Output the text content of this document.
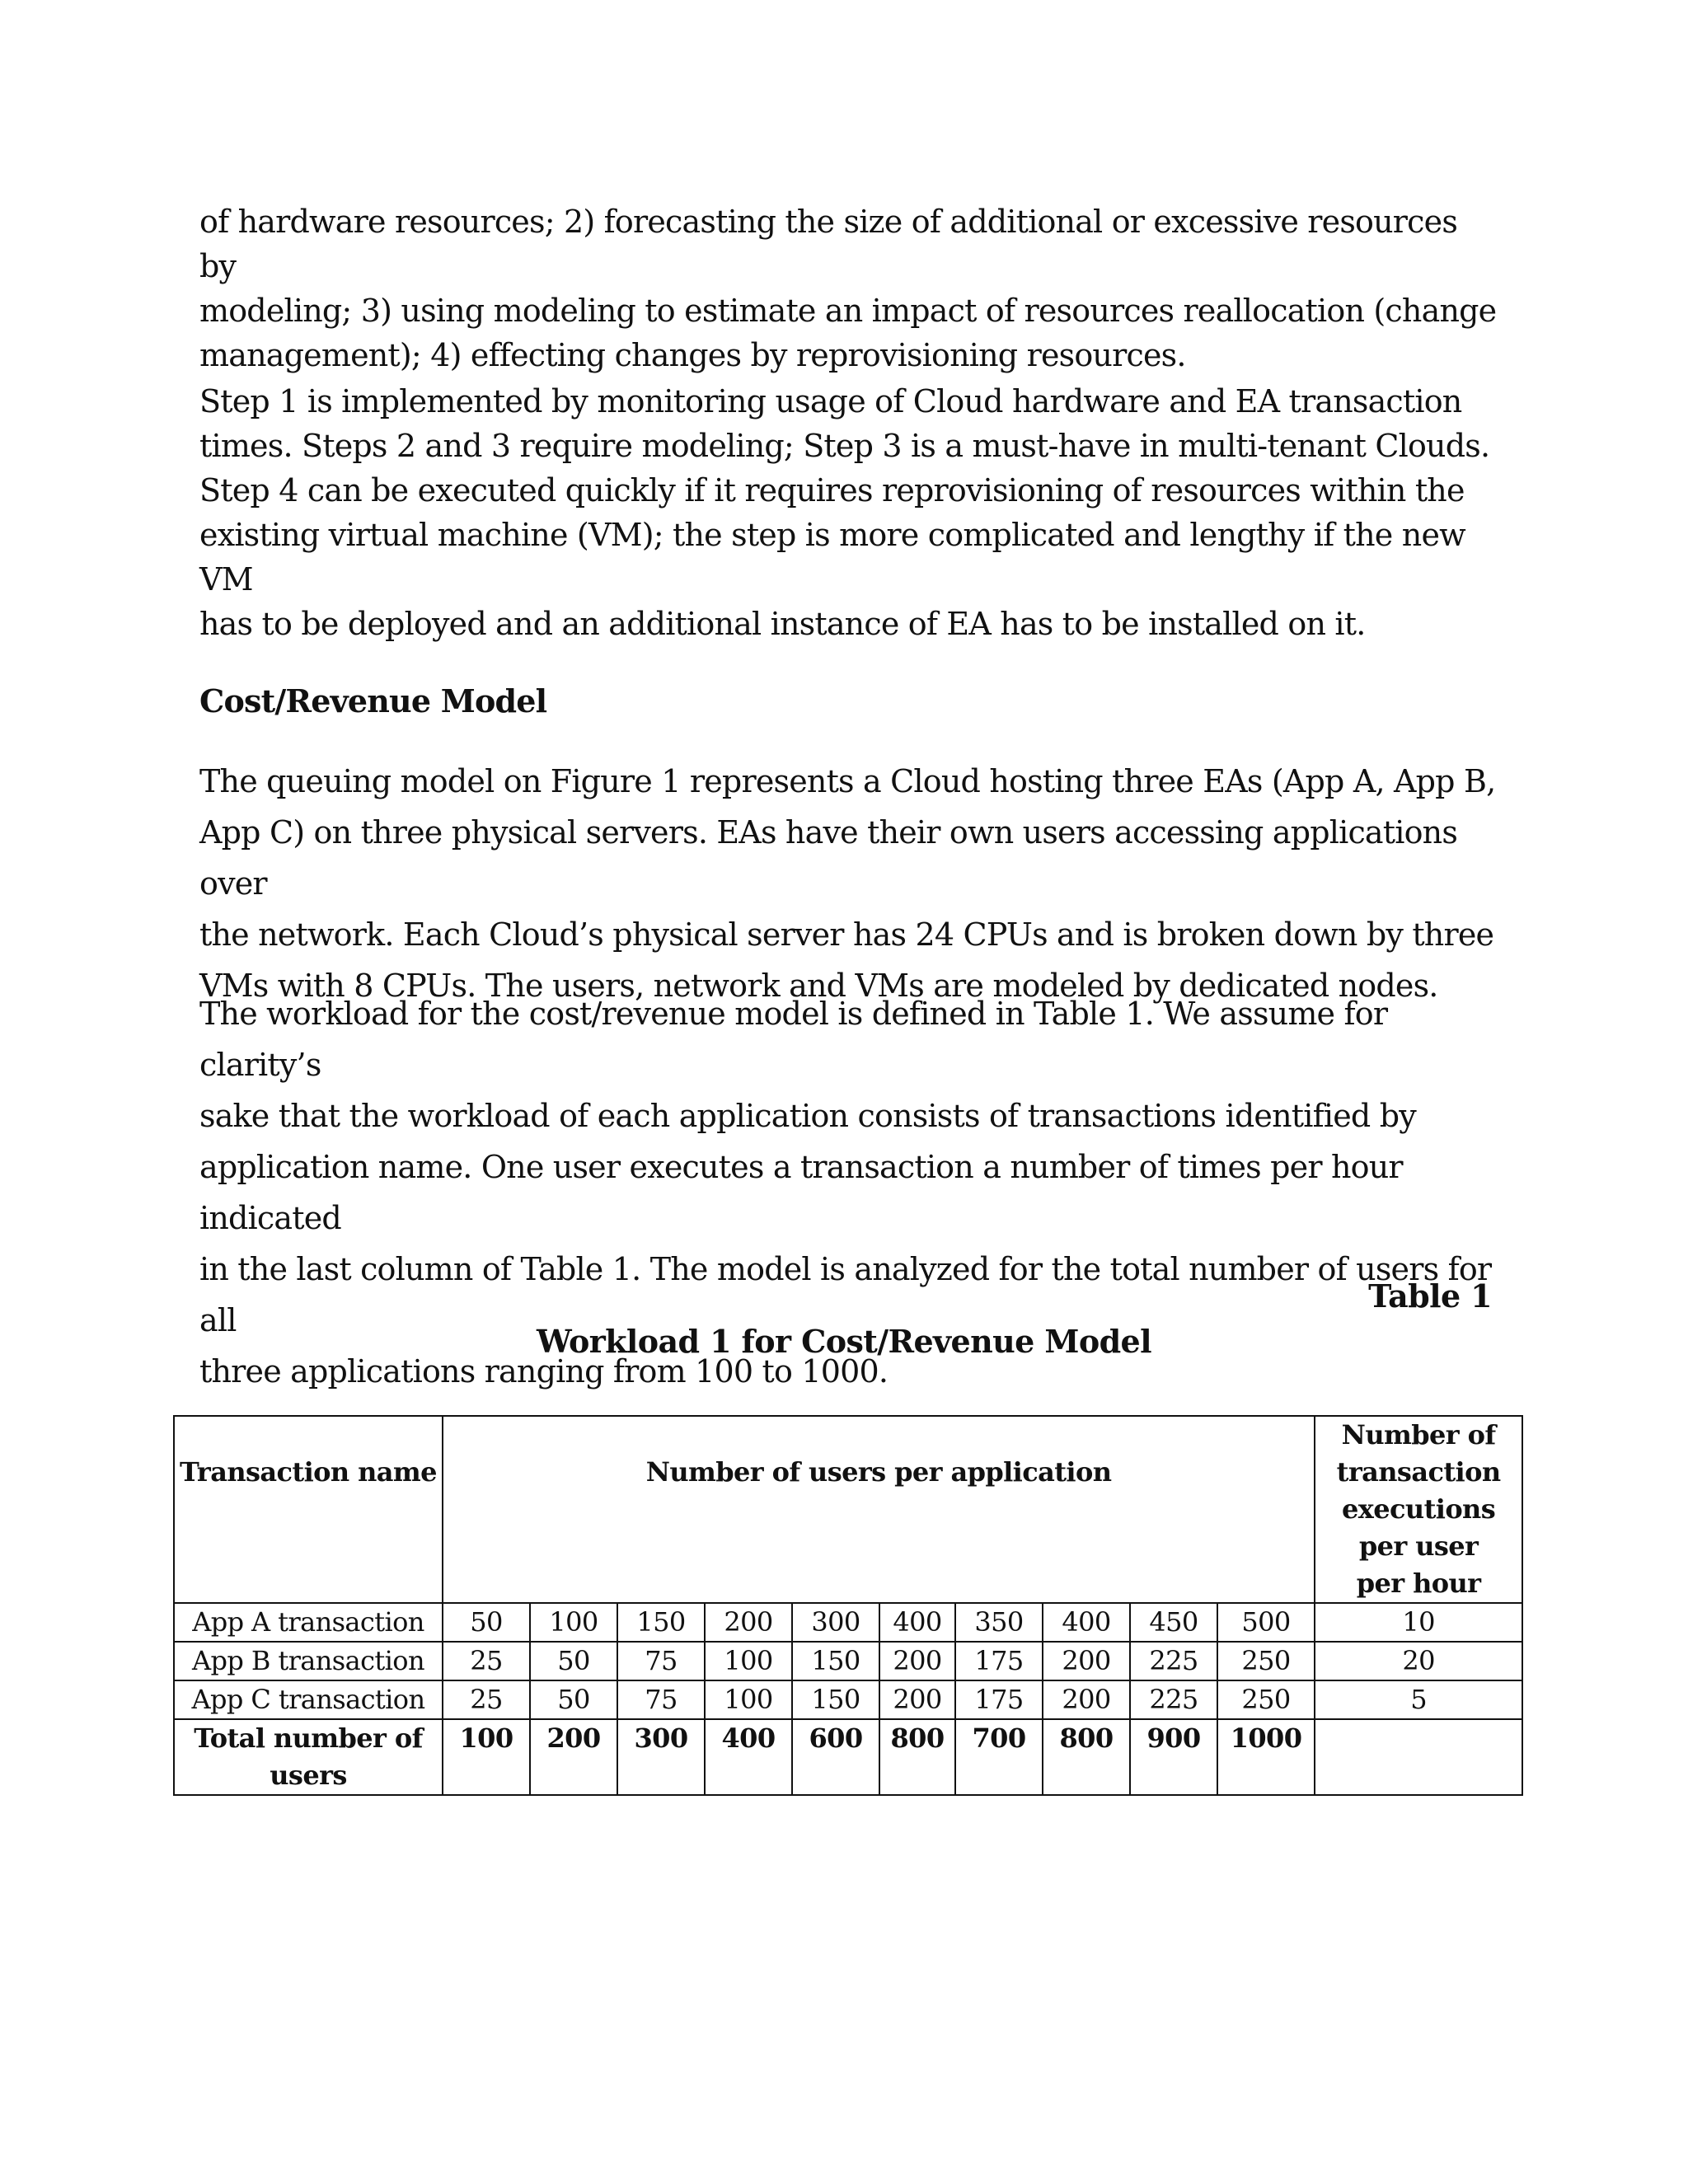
of hardware resources; 2) forecasting the size of additional or excessive resources by
modeling; 3) using modeling to estimate an impact of resources reallocation (change
management); 4) effecting changes by reprovisioning resources.

Step 1 is implemented by monitoring usage of Cloud hardware and EA transaction
times. Steps 2 and 3 require modeling; Step 3 is a must-have in multi-tenant Clouds.
Step 4 can be executed quickly if it requires reprovisioning of resources within the
existing virtual machine (VM); the step is more complicated and lengthy if the new VM
has to be deployed and an additional instance of EA has to be installed on it.

Cost/Revenue Model

The queuing model on Figure 1 represents a Cloud hosting three EAs (App A, App B,
App C) on three physical servers. EAs have their own users accessing applications over
the network. Each Cloud’s physical server has 24 CPUs and is broken down by three
VMs with 8 CPUs. The users, network and VMs are modeled by dedicated nodes.

The workload for the cost/revenue model is defined in Table 1. We assume for clarity’s
sake that the workload of each application consists of transactions identified by
application name. One user executes a transaction a number of times per hour indicated
in the last column of Table 1. The model is analyzed for the total number of users for all
three applications ranging from 100 to 1000.

Table 1
Workload 1 for Cost/Revenue Model
Transaction name	Number of users per application										Number of
transaction
executions
per user
per hour
App A transaction	50	100	150	200	300	400	350	400	450	500	10
App B transaction	25	50	75	100	150	200	175	200	225	250	20
App C transaction	25	50	75	100	150	200	175	200	225	250	5
Total number of
users	100	200	300	400	600	800	700	800	900	1000	
